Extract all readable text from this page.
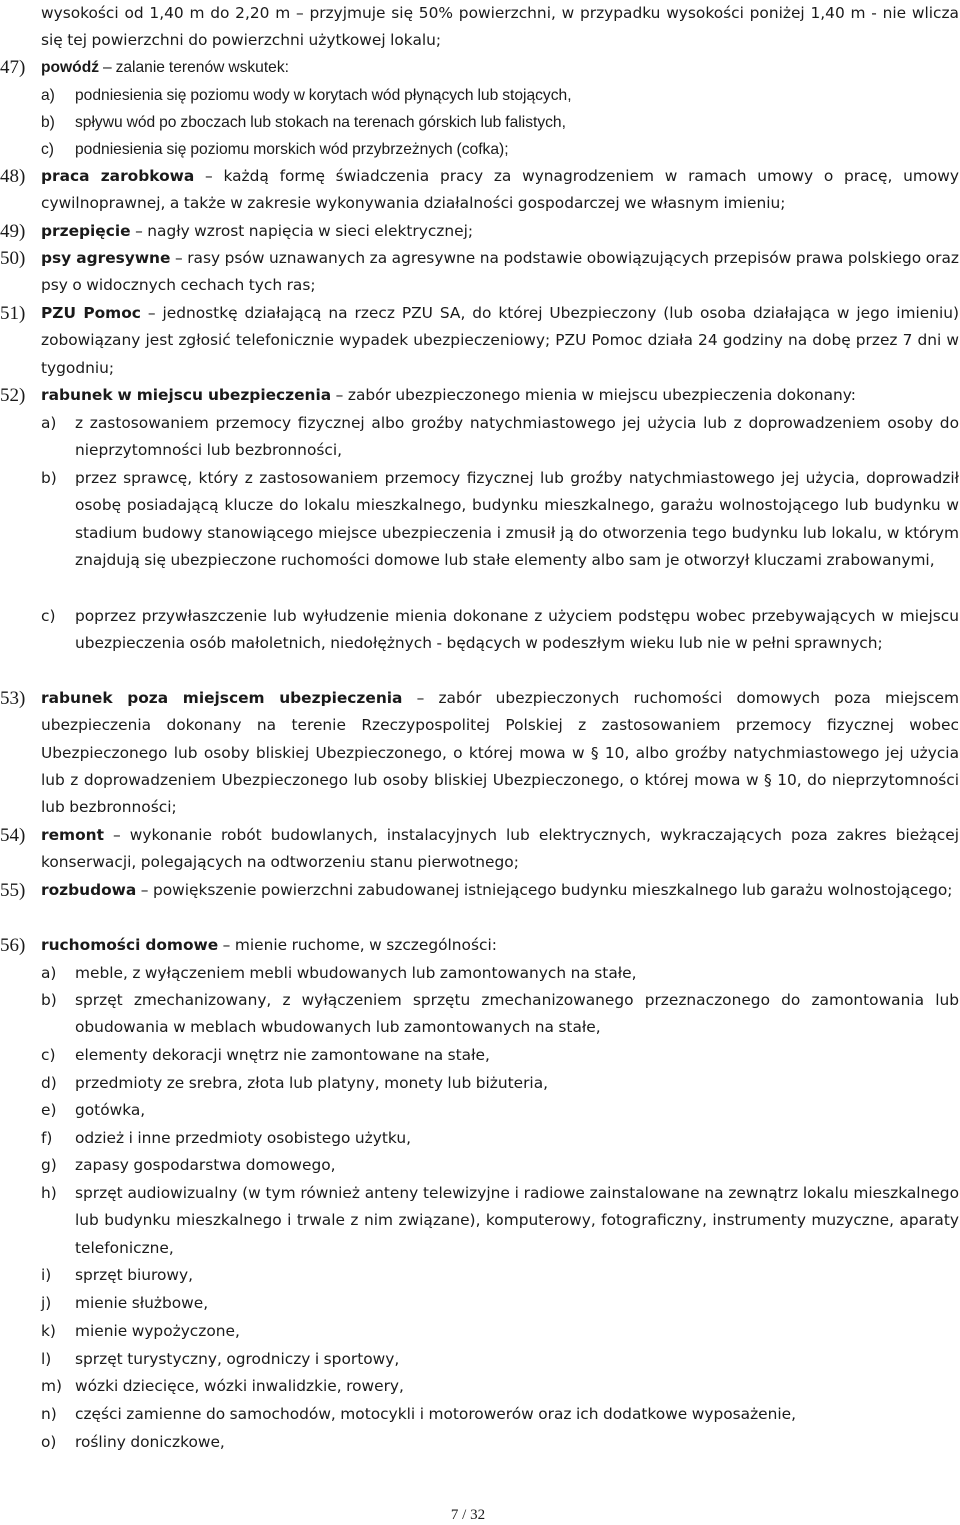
wysokości od 1,40 m do 2,20 m – przyjmuje się 50% powierzchni, w przypadku wysokości poniżej 1,40 m - nie wlicza się tej powierzchni do powierzchni użytkowej lokalu;
47)	powódź – zalanie terenów wskutek:
a)	podniesienia się poziomu wody w korytach wód płynących lub stojących,
b)	spływu wód po zboczach lub stokach na terenach górskich lub falistych,
c)	podniesienia się poziomu morskich wód przybrzeżnych (cofka);
48)	praca zarobkowa – każdą formę świadczenia pracy za wynagrodzeniem w ramach umowy o pracę, umowy cywilnoprawnej, a także w zakresie wykonywania działalności gospodarczej we własnym imieniu;
49)	przepięcie – nagły wzrost napięcia w sieci elektrycznej;
50)	psy agresywne – rasy psów uznawanych za agresywne na podstawie obowiązujących przepisów prawa polskiego oraz psy o widocznych cechach tych ras;
51)	PZU Pomoc – jednostkę działającą na rzecz PZU SA, do której Ubezpieczony (lub osoba działająca w jego imieniu) zobowiązany jest zgłosić telefonicznie wypadek ubezpieczeniowy; PZU Pomoc działa 24 godziny na dobę przez 7 dni w tygodniu;
52)	rabunek w miejscu ubezpieczenia – zabór ubezpieczonego mienia w miejscu ubezpieczenia dokonany:
a)	z zastosowaniem przemocy fizycznej albo groźby natychmiastowego jej użycia lub z doprowadzeniem osoby do nieprzytomności lub bezbronności,
b)	przez sprawcę, który z zastosowaniem przemocy fizycznej lub groźby natychmiastowego jej użycia, doprowadził osobę posiadającą klucze do lokalu mieszkalnego, budynku mieszkalnego, garażu wolnostojącego lub budynku w stadium budowy stanowiącego miejsce ubezpieczenia i zmusił ją do otworzenia tego budynku lub lokalu, w którym znajdują się ubezpieczone ruchomości domowe lub stałe elementy albo sam je otworzył kluczami zrabowanymi,
c)	poprzez przywłaszczenie lub wyłudzenie mienia dokonane z użyciem podstępu wobec przebywających w miejscu ubezpieczenia osób małoletnich, niedołężnych - będących w podeszłym wieku lub nie w pełni sprawnych;
53)	rabunek poza miejscem ubezpieczenia – zabór ubezpieczonych ruchomości domowych poza miejscem ubezpieczenia dokonany na terenie Rzeczypospolitej Polskiej z zastosowaniem przemocy fizycznej wobec Ubezpieczonego lub osoby bliskiej Ubezpieczonego, o której mowa w § 10, albo groźby natychmiastowego jej użycia lub z doprowadzeniem Ubezpieczonego lub osoby bliskiej Ubezpieczonego, o której mowa w § 10, do nieprzytomności lub bezbronności;
54)	remont – wykonanie robót budowlanych, instalacyjnych lub elektrycznych, wykraczających poza zakres bieżącej konserwacji, polegających na odtworzeniu stanu pierwotnego;
55)	rozbudowa – powiększenie powierzchni zabudowanej istniejącego budynku mieszkalnego lub garażu wolnostojącego;
56)	ruchomości domowe – mienie ruchome, w szczególności:
a)	meble, z wyłączeniem mebli wbudowanych lub zamontowanych na stałe,
b)	sprzęt zmechanizowany, z wyłączeniem sprzętu zmechanizowanego przeznaczonego do zamontowania lub obudowania w meblach wbudowanych lub zamontowanych na stałe,
c)	elementy dekoracji wnętrz nie zamontowane na stałe,
d)	przedmioty ze srebra, złota lub platyny, monety lub biżuteria,
e)	gotówka,
f)	odzież i inne przedmioty osobistego użytku,
g)	zapasy gospodarstwa domowego,
h)	sprzęt audiowizualny (w tym również anteny telewizyjne i radiowe zainstalowane na zewnątrz lokalu mieszkalnego lub budynku mieszkalnego i trwale z nim związane), komputerowy, fotograficzny, instrumenty muzyczne, aparaty telefoniczne,
i)	sprzęt biurowy,
j)	mienie służbowe,
k)	mienie wypożyczone,
l)	sprzęt turystyczny, ogrodniczy i sportowy,
m) wózki dziecięce, wózki inwalidzkie, rowery,
n)	części zamienne do samochodów, motocykli i motorowerów oraz ich dodatkowe wyposażenie,
o)	rośliny doniczkowe,
7 / 32
